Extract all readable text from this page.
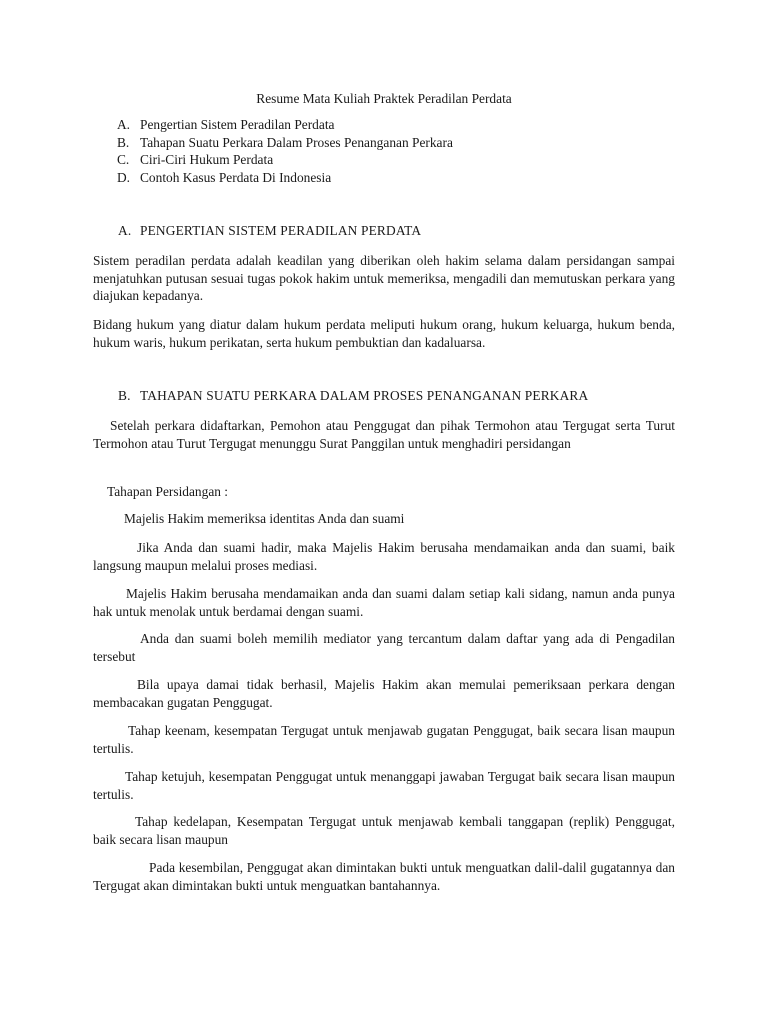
Resume Mata Kuliah Praktek Peradilan Perdata
A. Pengertian Sistem Peradilan Perdata
B. Tahapan Suatu Perkara Dalam Proses Penanganan Perkara
C. Ciri-Ciri Hukum Perdata
D. Contoh Kasus Perdata Di Indonesia
A. PENGERTIAN SISTEM PERADILAN PERDATA

Sistem peradilan perdata adalah keadilan yang diberikan oleh hakim selama dalam persidangan sampai menjatuhkan putusan sesuai tugas pokok hakim untuk memeriksa, mengadili dan memutuskan perkara yang diajukan kepadanya.

Bidang hukum yang diatur dalam hukum perdata meliputi hukum orang, hukum keluarga, hukum benda, hukum waris, hukum perikatan, serta hukum pembuktian dan kadaluarsa.

B. TAHAPAN SUATU PERKARA DALAM PROSES PENANGANAN PERKARA

Setelah perkara didaftarkan, Pemohon atau Penggugat dan pihak Termohon atau Tergugat serta Turut Termohon atau Turut Tergugat menunggu Surat Panggilan untuk menghadiri persidangan

Tahapan Persidangan :

Majelis Hakim memeriksa identitas Anda dan suami

Jika Anda dan suami hadir, maka Majelis Hakim berusaha mendamaikan anda dan suami, baik langsung maupun melalui proses mediasi.

Majelis Hakim berusaha mendamaikan anda dan suami dalam setiap kali sidang, namun anda punya hak untuk menolak untuk berdamai dengan suami.

Anda dan suami boleh memilih mediator yang tercantum dalam daftar yang ada di Pengadilan tersebut

Bila upaya damai tidak berhasil, Majelis Hakim akan memulai pemeriksaan perkara dengan membacakan gugatan Penggugat.

Tahap keenam, kesempatan Tergugat untuk menjawab gugatan Penggugat, baik secara lisan maupun tertulis.

Tahap ketujuh, kesempatan Penggugat untuk menanggapi jawaban Tergugat baik secara lisan maupun tertulis.

Tahap kedelapan, Kesempatan Tergugat untuk menjawab kembali tanggapan (replik) Penggugat, baik secara lisan maupun

Pada kesembilan, Penggugat akan dimintakan bukti untuk menguatkan dalil-dalil gugatannya dan Tergugat akan dimintakan bukti untuk menguatkan bantahannya.
